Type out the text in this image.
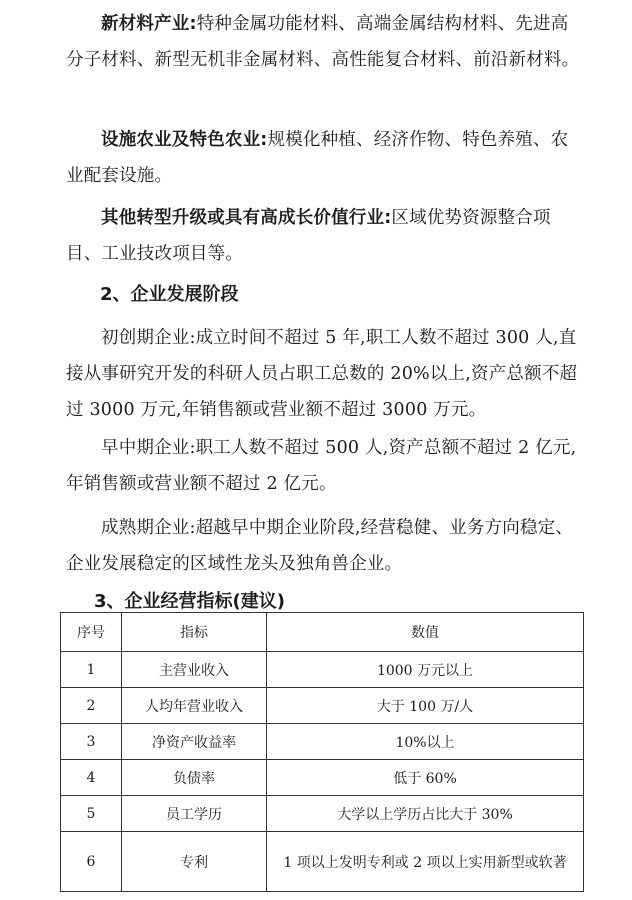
新材料产业:特种金属功能材料、高端金属结构材料、先进高分子材料、新型无机非金属材料、高性能复合材料、前沿新材料。

设施农业及特色农业:规模化种植、经济作物、特色养殖、农业配套设施。

其他转型升级或具有高成长价值行业:区域优势资源整合项目、工业技改项目等。

2、企业发展阶段

初创期企业:成立时间不超过 5 年,职工人数不超过 300 人,直接从事研究开发的科研人员占职工总数的 20%以上,资产总额不超过 3000 万元,年销售额或营业额不超过 3000 万元。

早中期企业:职工人数不超过 500 人,资产总额不超过 2 亿元,年销售额或营业额不超过 2 亿元。

成熟期企业:超越早中期企业阶段,经营稳健、业务方向稳定、企业发展稳定的区域性龙头及独角兽企业。

3、企业经营指标(建议)
序号	指标	数值
1	主营业收入	1000 万元以上
2	人均年营业收入	大于 100 万/人
3	净资产收益率	10%以上
4	负债率	低于 60%
5	员工学历	大学以上学历占比大于 30%
6	专利	1 项以上发明专利或 2 项以上实用新型或软著
